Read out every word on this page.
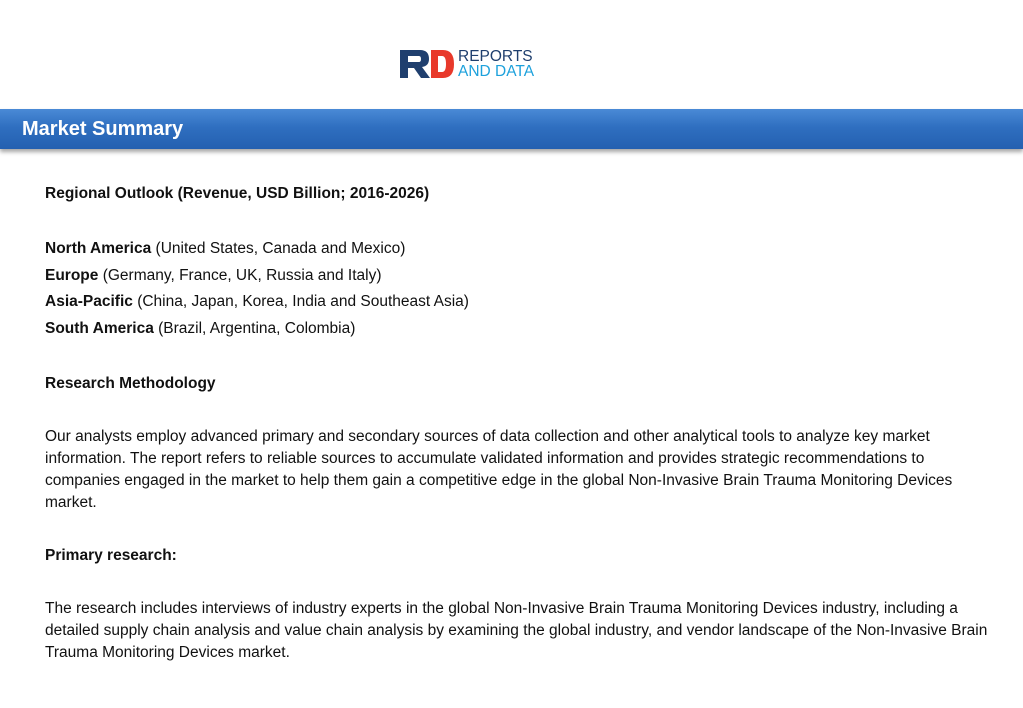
REPORTS
AND DATA
Market Summary

Regional Outlook (Revenue, USD Billion; 2016-2026)

North America (United States, Canada and Mexico)

Europe (Germany, France, UK, Russia and Italy)

Asia-Pacific (China, Japan, Korea, India and Southeast Asia)

South America (Brazil, Argentina, Colombia)

Research Methodology

Our analysts employ advanced primary and secondary sources of data collection and other analytical tools to analyze key market information. The report refers to reliable sources to accumulate validated information and provides strategic recommendations to companies engaged in the market to help them gain a competitive edge in the global Non-Invasive Brain Trauma Monitoring Devices market.

Primary research:

The research includes interviews of industry experts in the global Non-Invasive Brain Trauma Monitoring Devices industry, including a detailed supply chain analysis and value chain analysis by examining the global industry, and vendor landscape of the Non-Invasive Brain Trauma Monitoring Devices market.
